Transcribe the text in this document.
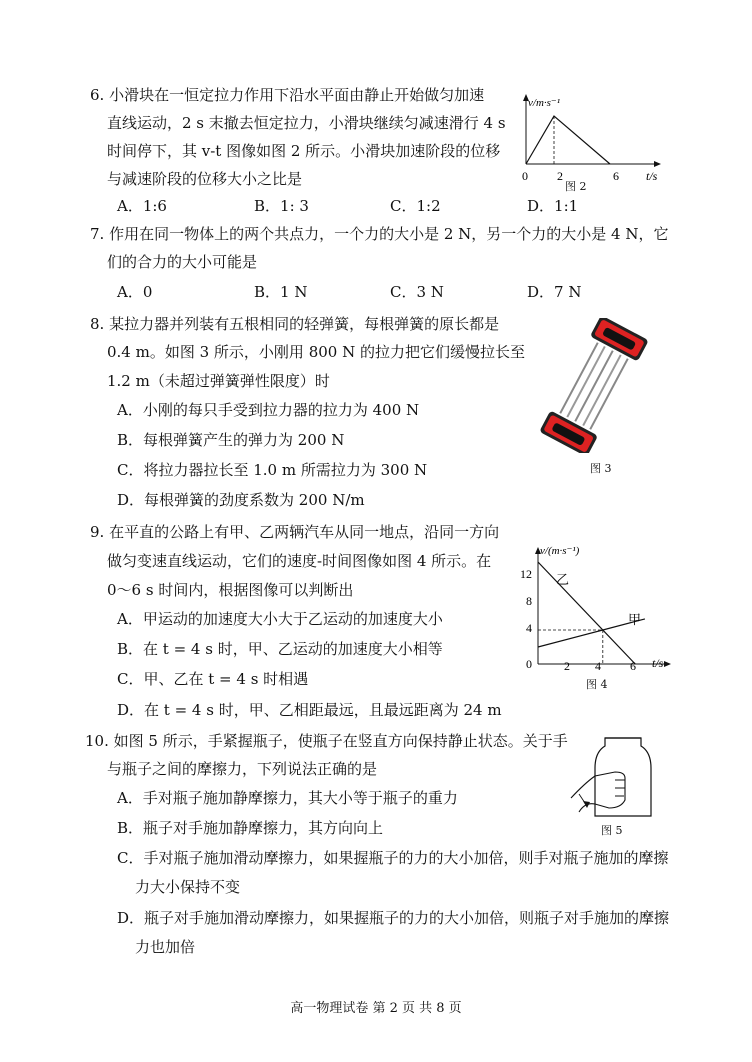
6. 小滑块在一恒定拉力作用下沿水平面由静止开始做匀加速
直线运动，2 s 末撤去恒定拉力，小滑块继续匀减速滑行 4 s
时间停下，其 v-t 图像如图 2 所示。小滑块加速阶段的位移
与减速阶段的位移大小之比是
A．1:6	B．1: 3	C．1:2	D．1:1
v/m·s⁻¹
t/s
0 2	6
图 2
7. 作用在同一物体上的两个共点力，一个力的大小是 2 N，另一个力的大小是 4 N，它
们的合力的大小可能是
A．0	B．1 N	C．3 N	D．7 N
8. 某拉力器并列装有五根相同的轻弹簧，每根弹簧的原长都是
0.4 m。如图 3 所示，小刚用 800 N 的拉力把它们缓慢拉长至
1.2 m（未超过弹簧弹性限度）时
A．小刚的每只手受到拉力器的拉力为 400 N
B．每根弹簧产生的弹力为 200 N
C．将拉力器拉长至 1.0 m 所需拉力为 300 N
D．每根弹簧的劲度系数为 200 N/m
图 3
9. 在平直的公路上有甲、乙两辆汽车从同一地点，沿同一方向
做匀变速直线运动，它们的速度-时间图像如图 4 所示。在
0～6 s 时间内，根据图像可以判断出
A．甲运动的加速度大小大于乙运动的加速度大小
B．在 t = 4 s 时，甲、乙运动的加速度大小相等
C．甲、乙在 t = 4 s 时相遇
D．在 t = 4 s 时，甲、乙相距最远，且最远距离为 24 m
v/(m·s⁻¹)
t/s
12
8
4
0	2 4 6
乙
甲
图 4
10. 如图 5 所示，手紧握瓶子，使瓶子在竖直方向保持静止状态。关于手
与瓶子之间的摩擦力，下列说法正确的是
A．手对瓶子施加静摩擦力，其大小等于瓶子的重力
B．瓶子对手施加静摩擦力，其方向向上
C．手对瓶子施加滑动摩擦力，如果握瓶子的力的大小加倍，则手对瓶子施加的摩擦
力大小保持不变
D．瓶子对手施加滑动摩擦力，如果握瓶子的力的大小加倍，则瓶子对手施加的摩擦
力也加倍
图 5
高一物理试卷 第 2 页 共 8 页
